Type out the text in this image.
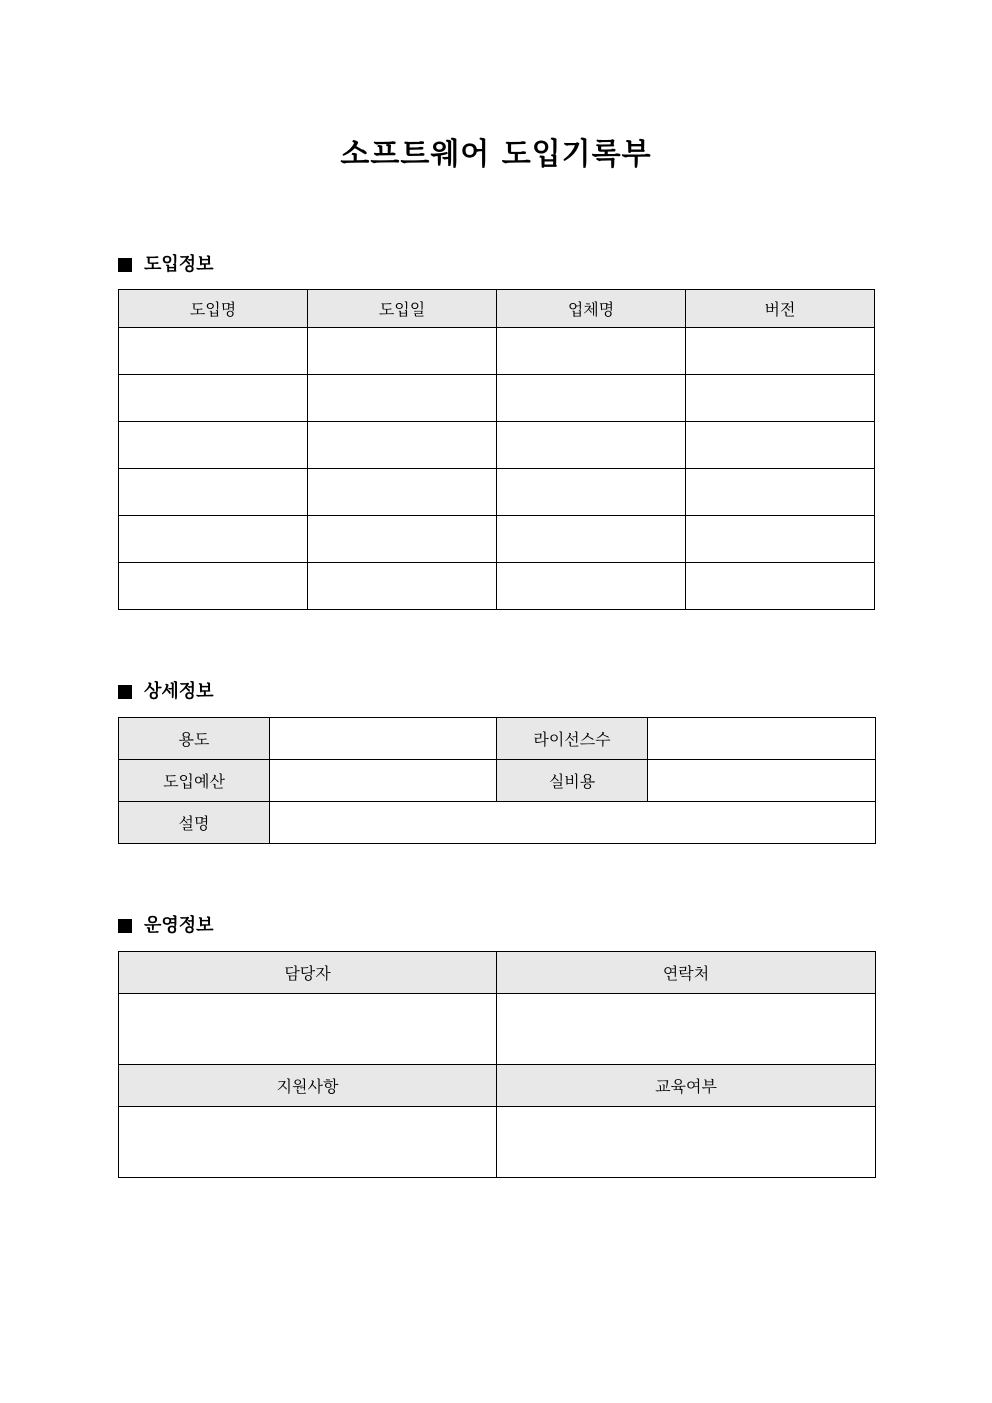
소프트웨어 도입기록부
도입정보
도입명	도입일	업체명	버전

상세정보
용도		라이선스수	
도입예산		실비용	
설명			
운영정보
담당자	연락처

지원사항	교육여부
